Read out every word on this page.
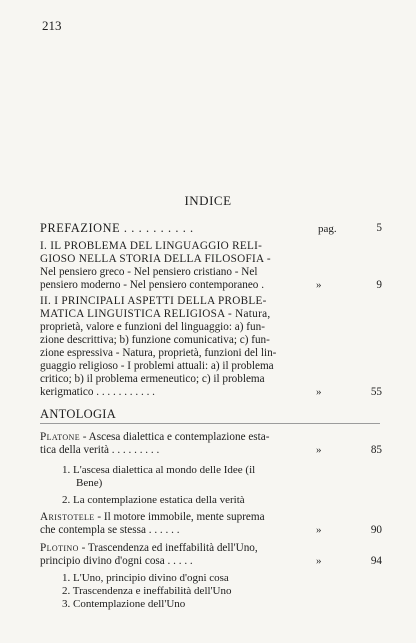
213
INDICE
PREFAZIONE . . . . . . . . . .	pag.	5
I. IL PROBLEMA DEL LINGUAGGIO RELI-
GIOSO NELLA STORIA DELLA FILOSOFIA -
Nel pensiero greco - Nel pensiero cristiano - Nel
pensiero moderno - Nel pensiero contemporaneo .	»	9
II. I PRINCIPALI ASPETTI DELLA PROBLE-
MATICA LINGUISTICA RELIGIOSA - Natura,
proprietà, valore e funzioni del linguaggio: a) fun-
zione descrittiva; b) funzione comunicativa; c) fun-
zione espressiva - Natura, proprietà, funzioni del lin-
guaggio religioso - I problemi attuali: a) il problema
critico; b) il problema ermeneutico; c) il problema
kerigmatico . . . . . . . . . . .	»	55
ANTOLOGIA
Platone - Ascesa dialettica e contemplazione esta-
tica della verità . . . . . . . . .	»	85
1. L'ascesa dialettica al mondo delle Idee (il
Bene)
2. La contemplazione estatica della verità
Aristotele - Il motore immobile, mente suprema
che contempla se stessa . . . . . .	»	90
Plotino - Trascendenza ed ineffabilità dell'Uno,
principio divino d'ogni cosa . . . . .	»	94
1. L'Uno, principio divino d'ogni cosa
2. Trascendenza e ineffabilità dell'Uno
3. Contemplazione dell'Uno
